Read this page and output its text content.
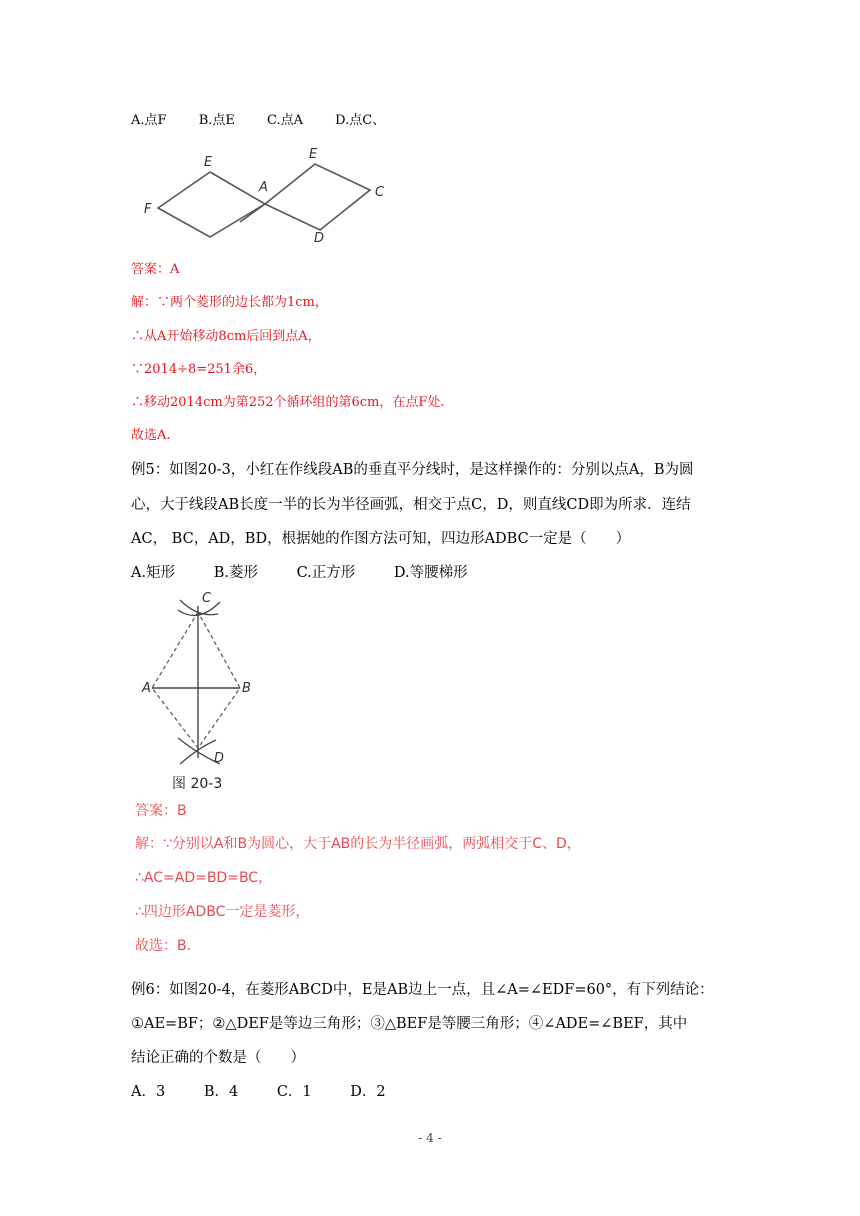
A.点F B.点E C.点A D.点C、
E
E
F
A	C
D
答案：A
解：∵两个菱形的边长都为1cm，
∴从A开始移动8cm后回到点A，
∵2014÷8=251余6，
∴移动2014cm为第252个循环组的第6cm，在点F处.
故选A.
例5：如图20-3，小红在作线段AB的垂直平分线时，是这样操作的：分别以点A，B为圆
心，大于线段AB长度一半的长为半径画弧，相交于点C，D，则直线CD即为所求．连结
AC， BC，AD，BD，根据她的作图方法可知，四边形ADBC一定是（　　）
A.矩形	B.菱形	C.正方形	D.等腰梯形
C
A	B
D
图 20-3
答案：B
解：∵分别以A和B为圆心，大于AB的长为半径画弧，两弧相交于C、D，
∴AC=AD=BD=BC，
∴四边形ADBC一定是菱形，
故选：B.
例6：如图20-4，在菱形ABCD中，E是AB边上一点，且∠A=∠EDF=60°，有下列结论：
①AE=BF；②△DEF是等边三角形；③△BEF是等腰三角形；④∠ADE=∠BEF，其中
结论正确的个数是（　　）
A．3	B．4	C．1	D．2
- 4 -
